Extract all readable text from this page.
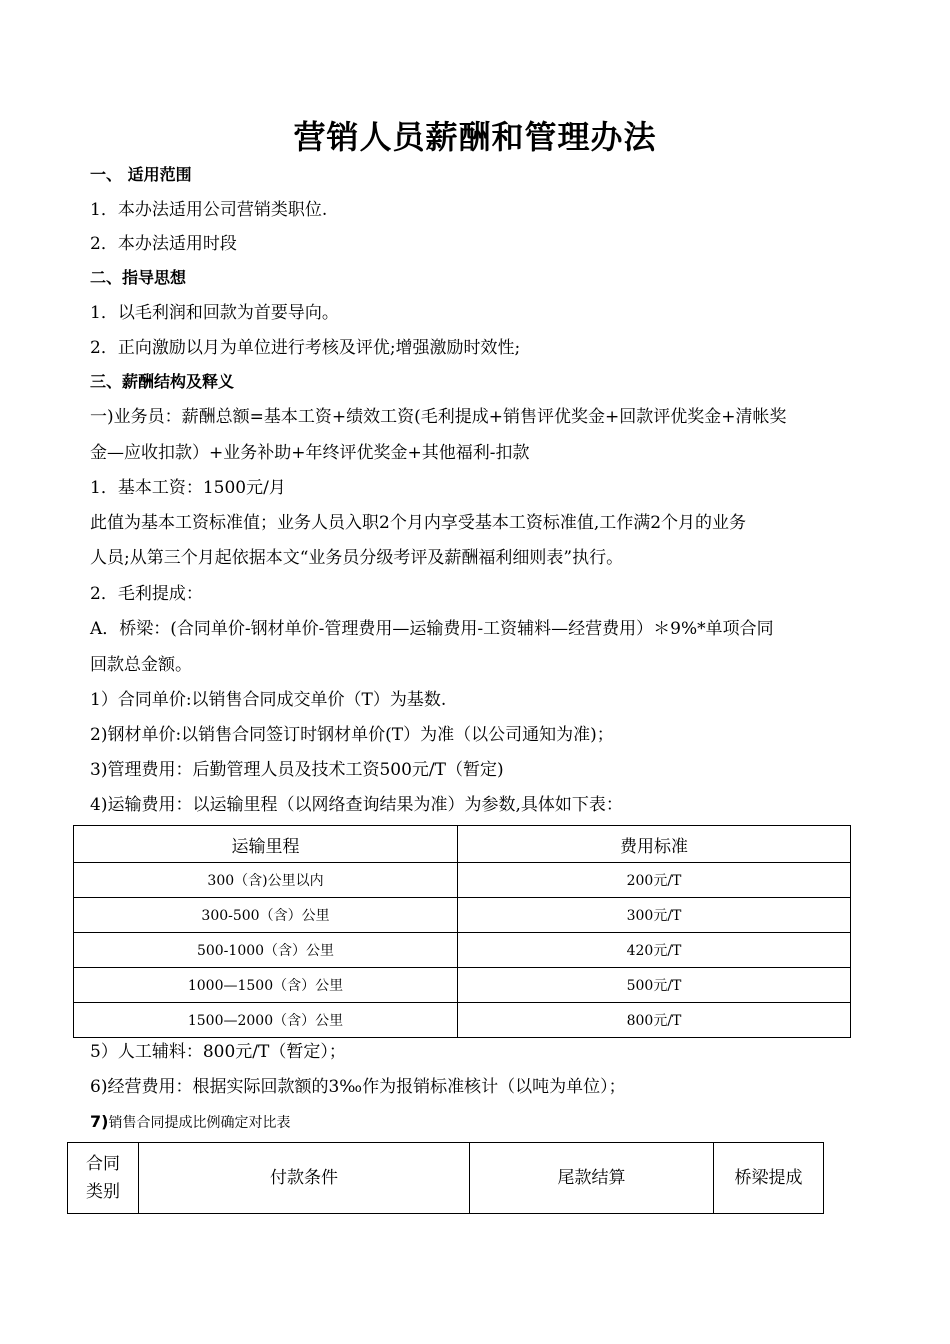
营销人员薪酬和管理办法
一、 适用范围
1．本办法适用公司营销类职位.
2．本办法适用时段
二、指导思想
1．以毛利润和回款为首要导向。
2．正向激励以月为单位进行考核及评优;增强激励时效性;
三、薪酬结构及释义
一)业务员：薪酬总额=基本工资+绩效工资(毛利提成+销售评优奖金+回款评优奖金+清帐奖
金—应收扣款）+业务补助+年终评优奖金+其他福利-扣款
1．基本工资：1500元/月
此值为基本工资标准值；业务人员入职2个月内享受基本工资标准值,工作满2个月的业务
人员;从第三个月起依据本文“业务员分级考评及薪酬福利细则表”执行。
2．毛利提成：
A．桥梁：(合同单价-钢材单价-管理费用—运输费用-工资辅料—经营费用）＊9%*单项合同
回款总金额。
1）合同单价:以销售合同成交单价（T）为基数.
2)钢材单价:以销售合同签订时钢材单价(T）为准（以公司通知为准)；
3)管理费用：后勤管理人员及技术工资500元/T（暂定)
4)运输费用：以运输里程（以网络查询结果为准）为参数,具体如下表：
运输里程	费用标准
300（含)公里以内	200元/T
300-500（含）公里	300元/T
500-1000（含）公里	420元/T
1000—1500（含）公里	500元/T
1500—2000（含）公里	800元/T
5）人工辅料：800元/T（暂定）；
6)经营费用：根据实际回款额的3‰作为报销标准核计（以吨为单位）；
7)销售合同提成比例确定对比表
合同
类别
	付款条件	尾款结算	桥梁提成
